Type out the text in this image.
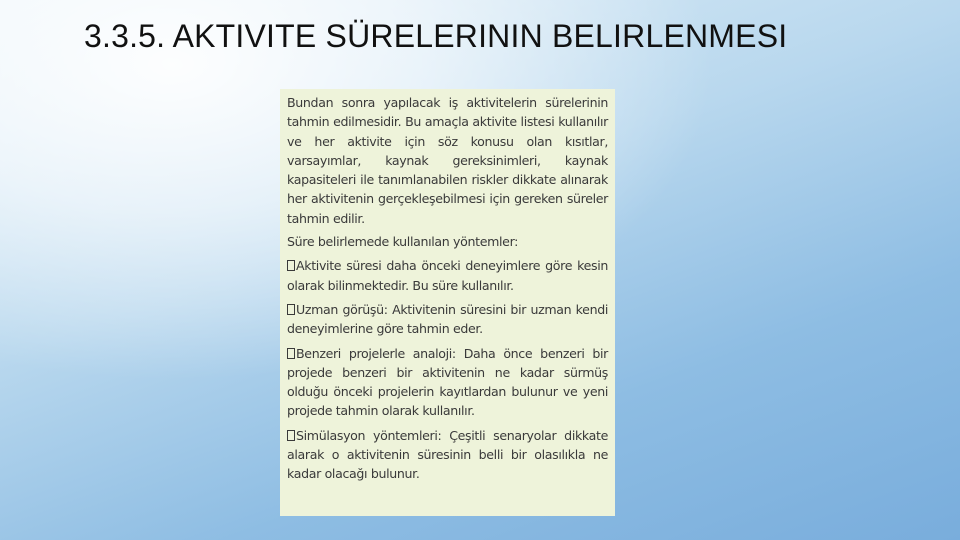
3.3.5. AKTIVITE SÜRELERININ BELIRLENMESI

Bundan sonra yapılacak iş aktivitelerin sürelerinin tahmin edilmesidir. Bu amaçla aktivite listesi kullanılır ve her aktivite için söz konusu olan kısıtlar, varsayımlar, kaynak gereksinimleri, kaynak kapasiteleri ile tanımlanabilen riskler dikkate alınarak her aktivitenin gerçekleşebilmesi için gereken süreler tahmin edilir.

Süre belirlemede kullanılan yöntemler:

Aktivite süresi daha önceki deneyimlere göre kesin olarak bilinmektedir. Bu süre kullanılır.

Uzman görüşü: Aktivitenin süresini bir uzman kendi deneyimlerine göre tahmin eder.

Benzeri projelerle analoji: Daha önce benzeri bir projede benzeri bir aktivitenin ne kadar sürmüş olduğu önceki projelerin kayıtlardan bulunur ve yeni projede tahmin olarak kullanılır.

Simülasyon yöntemleri: Çeşitli senaryolar dikkate alarak o aktivitenin süresinin belli bir olasılıkla ne kadar olacağı bulunur.
